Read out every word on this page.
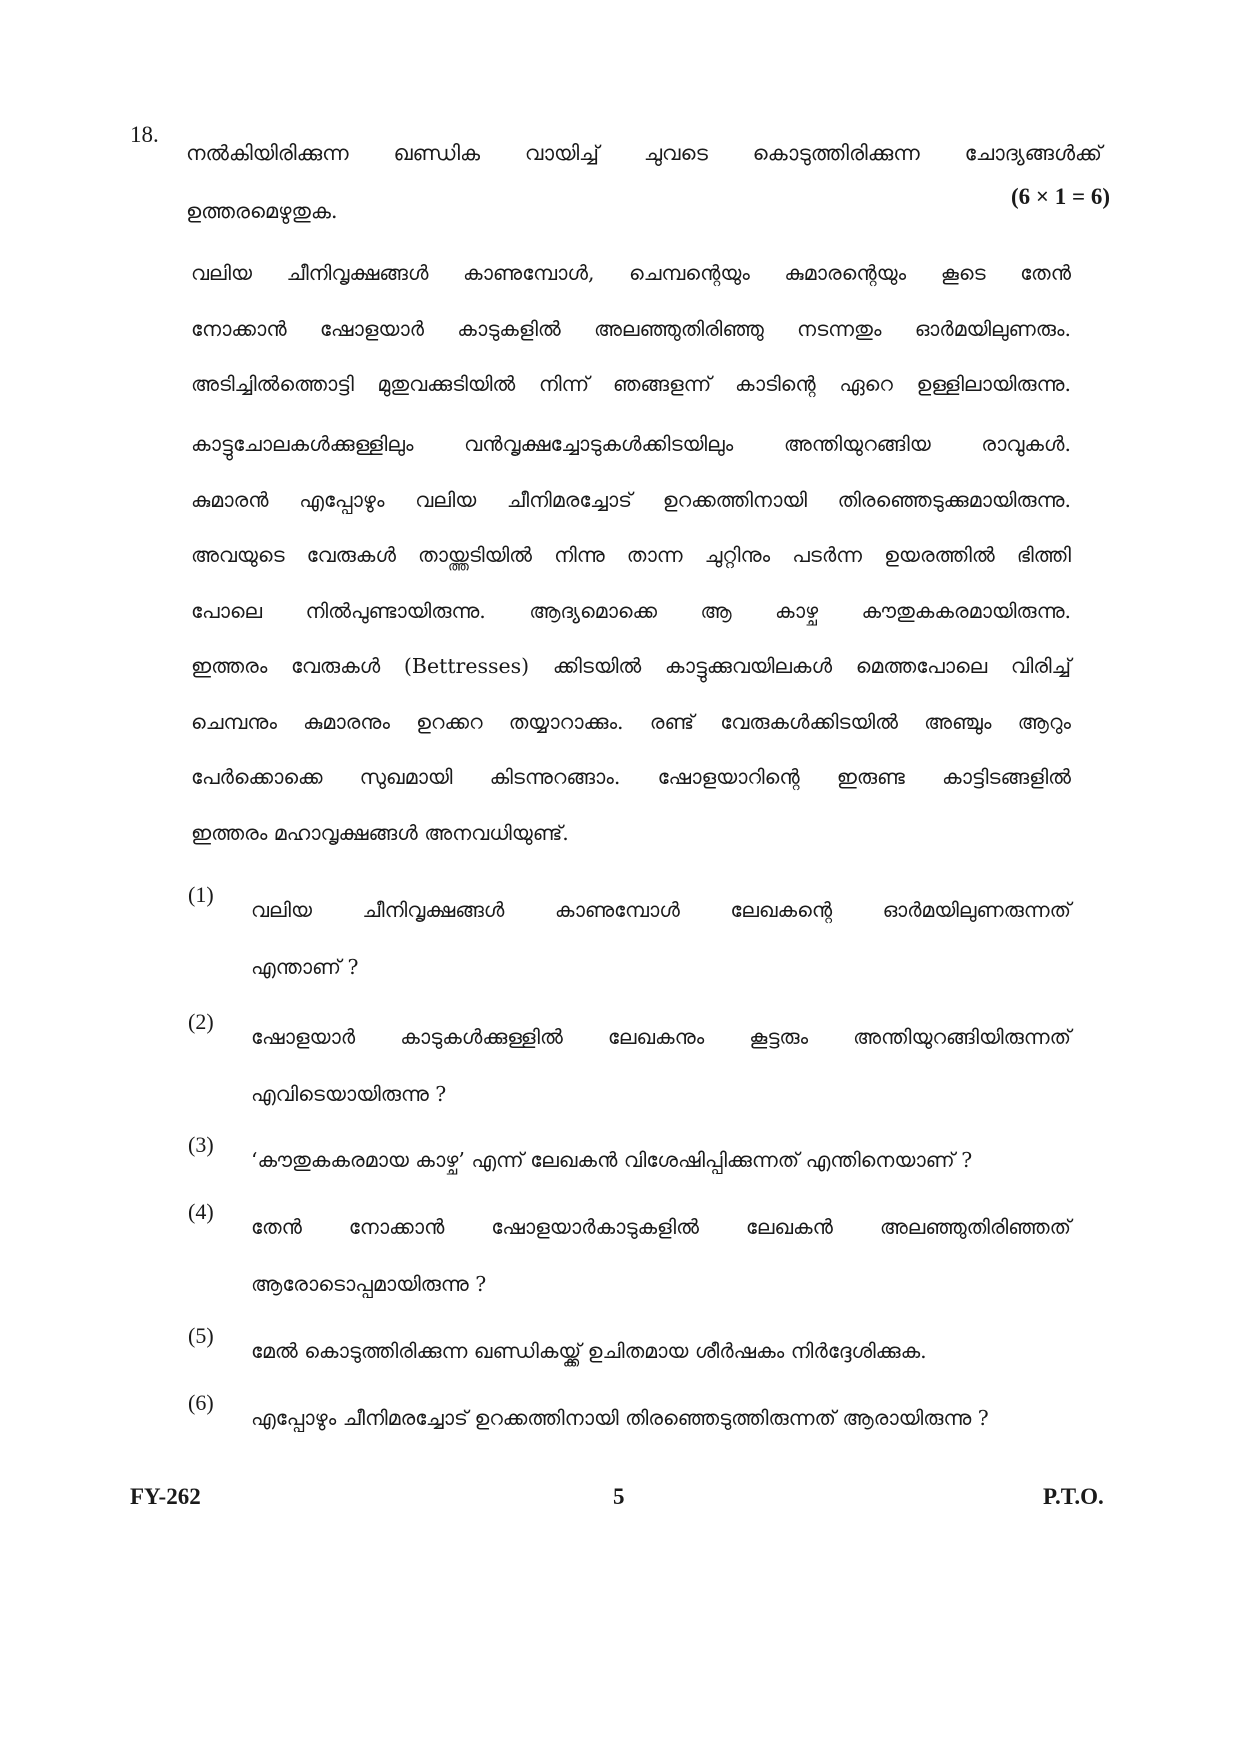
18.
നൽകിയിരിക്കുന്ന ഖണ്ഡിക വായിച്ച് ചുവടെ കൊടുത്തിരിക്കുന്ന ചോദ്യങ്ങൾക്ക്
ഉത്തരമെഴുതുക.
(6 × 1 = 6)
വലിയ ചീനിവൃക്ഷങ്ങൾ കാണുമ്പോൾ, ചെമ്പന്റെയും കുമാരന്റെയും കൂടെ തേൻ
നോക്കാൻ ഷോളയാർ കാടുകളിൽ അലഞ്ഞുതിരിഞ്ഞു നടന്നതും ഓർമയിലുണരും.
അടിച്ചിൽത്തൊട്ടി മുതുവക്കുടിയിൽ നിന്ന് ഞങ്ങളന്ന് കാടിന്റെ ഏറെ ഉള്ളിലായിരുന്നു.
കാട്ടുചോലകൾക്കുള്ളിലും വൻവൃക്ഷച്ചോടുകൾക്കിടയിലും അന്തിയുറങ്ങിയ രാവുകൾ.
കുമാരൻ എപ്പോഴും വലിയ ചീനിമരച്ചോട് ഉറക്കത്തിനായി തിരഞ്ഞെടുക്കുമായിരുന്നു.
അവയുടെ വേരുകൾ തായ്ത്തടിയിൽ നിന്നു താന്ന ചുറ്റിനും പടർന്ന ഉയരത്തിൽ ഭിത്തി
പോലെ നിൽപുണ്ടായിരുന്നു. ആദ്യമൊക്കെ ആ കാഴ്ച കൗതുകകരമായിരുന്നു.
ഇത്തരം വേരുകൾ (Bettresses) ക്കിടയിൽ കാട്ടുക്കുവയിലകൾ മെത്തപോലെ വിരിച്ച്
ചെമ്പനും കുമാരനും ഉറക്കറ തയ്യാറാക്കും. രണ്ട് വേരുകൾക്കിടയിൽ അഞ്ചും ആറും
പേർക്കൊക്കെ സുഖമായി കിടന്നുറങ്ങാം. ഷോളയാറിന്റെ ഇരുണ്ട കാട്ടിടങ്ങളിൽ
ഇത്തരം മഹാവൃക്ഷങ്ങൾ അനവധിയുണ്ട്.
(1)
വലിയ ചീനിവൃക്ഷങ്ങൾ കാണുമ്പോൾ ലേഖകന്റെ ഓർമയിലുണരുന്നത്
എന്താണ് ?
(2)
ഷോളയാർ കാടുകൾക്കുള്ളിൽ ലേഖകനും കൂട്ടരും അന്തിയുറങ്ങിയിരുന്നത്
എവിടെയായിരുന്നു ?
(3)
‘കൗതുകകരമായ കാഴ്ച’ എന്ന് ലേഖകൻ വിശേഷിപ്പിക്കുന്നത് എന്തിനെയാണ് ?
(4)
തേൻ നോക്കാൻ ഷോളയാർകാടുകളിൽ ലേഖകൻ അലഞ്ഞുതിരിഞ്ഞത്
ആരോടൊപ്പമായിരുന്നു ?
(5)
മേൽ കൊടുത്തിരിക്കുന്ന ഖണ്ഡികയ്ക്ക് ഉചിതമായ ശീർഷകം നിർദ്ദേശിക്കുക.
(6)
എപ്പോഴും ചീനിമരച്ചോട് ഉറക്കത്തിനായി തിരഞ്ഞെടുത്തിരുന്നത് ആരായിരുന്നു ?
FY-262	5	P.T.O.
